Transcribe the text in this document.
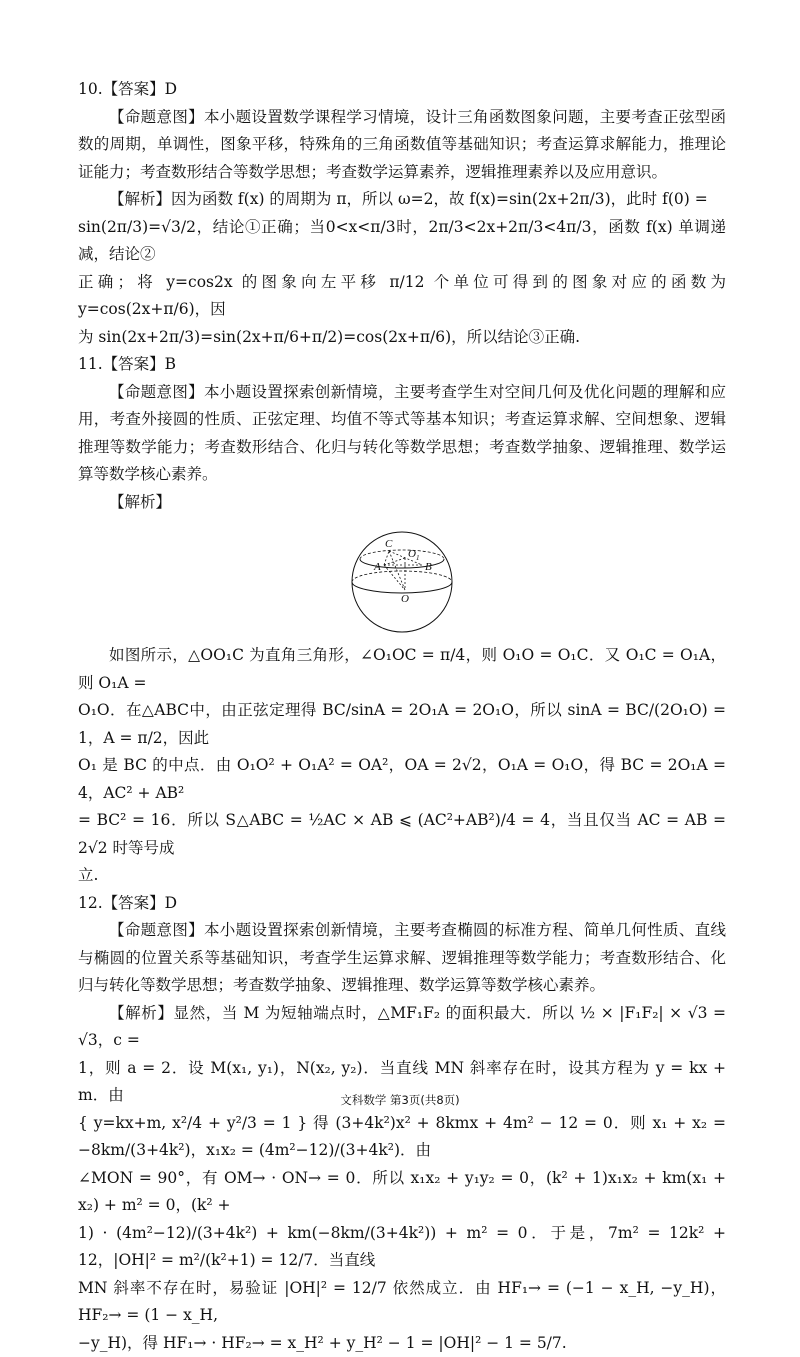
10.【答案】D

【命题意图】本小题设置数学课程学习情境，设计三角函数图象问题，主要考查正弦型函数的周期，单调性，图象平移，特殊角的三角函数值等基础知识；考查运算求解能力，推理论证能力；考查数形结合等数学思想；考查数学运算素养，逻辑推理素养以及应用意识。

【解析】因为函数 f(x) 的周期为 π，所以 ω=2，故 f(x)=sin(2x+2π/3)，此时 f(0) =

sin(2π/3)=√3/2，结论①正确；当0<x<π/3时，2π/3<2x+2π/3<4π/3，函数 f(x) 单调递减，结论②

正确；将 y=cos2x 的图象向左平移 π/12 个单位可得到的图象对应的函数为 y=cos(2x+π/6)，因

为 sin(2x+2π/3)=sin(2x+π/6+π/2)=cos(2x+π/6)，所以结论③正确.

11.【答案】B

【命题意图】本小题设置探索创新情境，主要考查学生对空间几何及优化问题的理解和应用，考查外接圆的性质、正弦定理、均值不等式等基本知识；考查运算求解、空间想象、逻辑推理等数学能力；考查数形结合、化归与转化等数学思想；考查数学抽象、逻辑推理、数学运算等数学核心素养。

【解析】

C
O 1
A	B
O

如图所示，△OO₁C 为直角三角形，∠O₁OC = π/4，则 O₁O = O₁C．又 O₁C = O₁A，则 O₁A =

O₁O．在△ABC中，由正弦定理得 BC/sinA = 2O₁A = 2O₁O，所以 sinA = BC/(2O₁O) = 1，A = π/2，因此

O₁ 是 BC 的中点．由 O₁O² + O₁A² = OA²，OA = 2√2，O₁A = O₁O，得 BC = 2O₁A = 4，AC² + AB²

= BC² = 16．所以 S△ABC = ½AC × AB ⩽ (AC²+AB²)/4 = 4，当且仅当 AC = AB = 2√2 时等号成

立.

12.【答案】D

【命题意图】本小题设置探索创新情境，主要考查椭圆的标准方程、简单几何性质、直线与椭圆的位置关系等基础知识，考查学生运算求解、逻辑推理等数学能力；考查数形结合、化归与转化等数学思想；考查数学抽象、逻辑推理、数学运算等数学核心素养。

【解析】显然，当 M 为短轴端点时，△MF₁F₂ 的面积最大．所以 ½ × |F₁F₂| × √3 = √3，c =

1，则 a = 2．设 M(x₁, y₁)，N(x₂, y₂)．当直线 MN 斜率存在时，设其方程为 y = kx + m．由

{ y=kx+m, x²/4 + y²/3 = 1 } 得 (3+4k²)x² + 8kmx + 4m² − 12 = 0．则 x₁ + x₂ = −8km/(3+4k²)，x₁x₂ = (4m²−12)/(3+4k²)．由

∠MON = 90°，有 OM→ · ON→ = 0．所以 x₁x₂ + y₁y₂ = 0，(k² + 1)x₁x₂ + km(x₁ + x₂) + m² = 0，(k² +

1) · (4m²−12)/(3+4k²) + km(−8km/(3+4k²)) + m² = 0．于是，7m² = 12k² + 12，|OH|² = m²/(k²+1) = 12/7．当直线

MN 斜率不存在时，易验证 |OH|² = 12/7 依然成立．由 HF₁→ = (−1 − x_H, −y_H)，HF₂→ = (1 − x_H,

−y_H)，得 HF₁→ · HF₂→ = x_H² + y_H² − 1 = |OH|² − 1 = 5/7.

文科数学 第3页(共8页)
